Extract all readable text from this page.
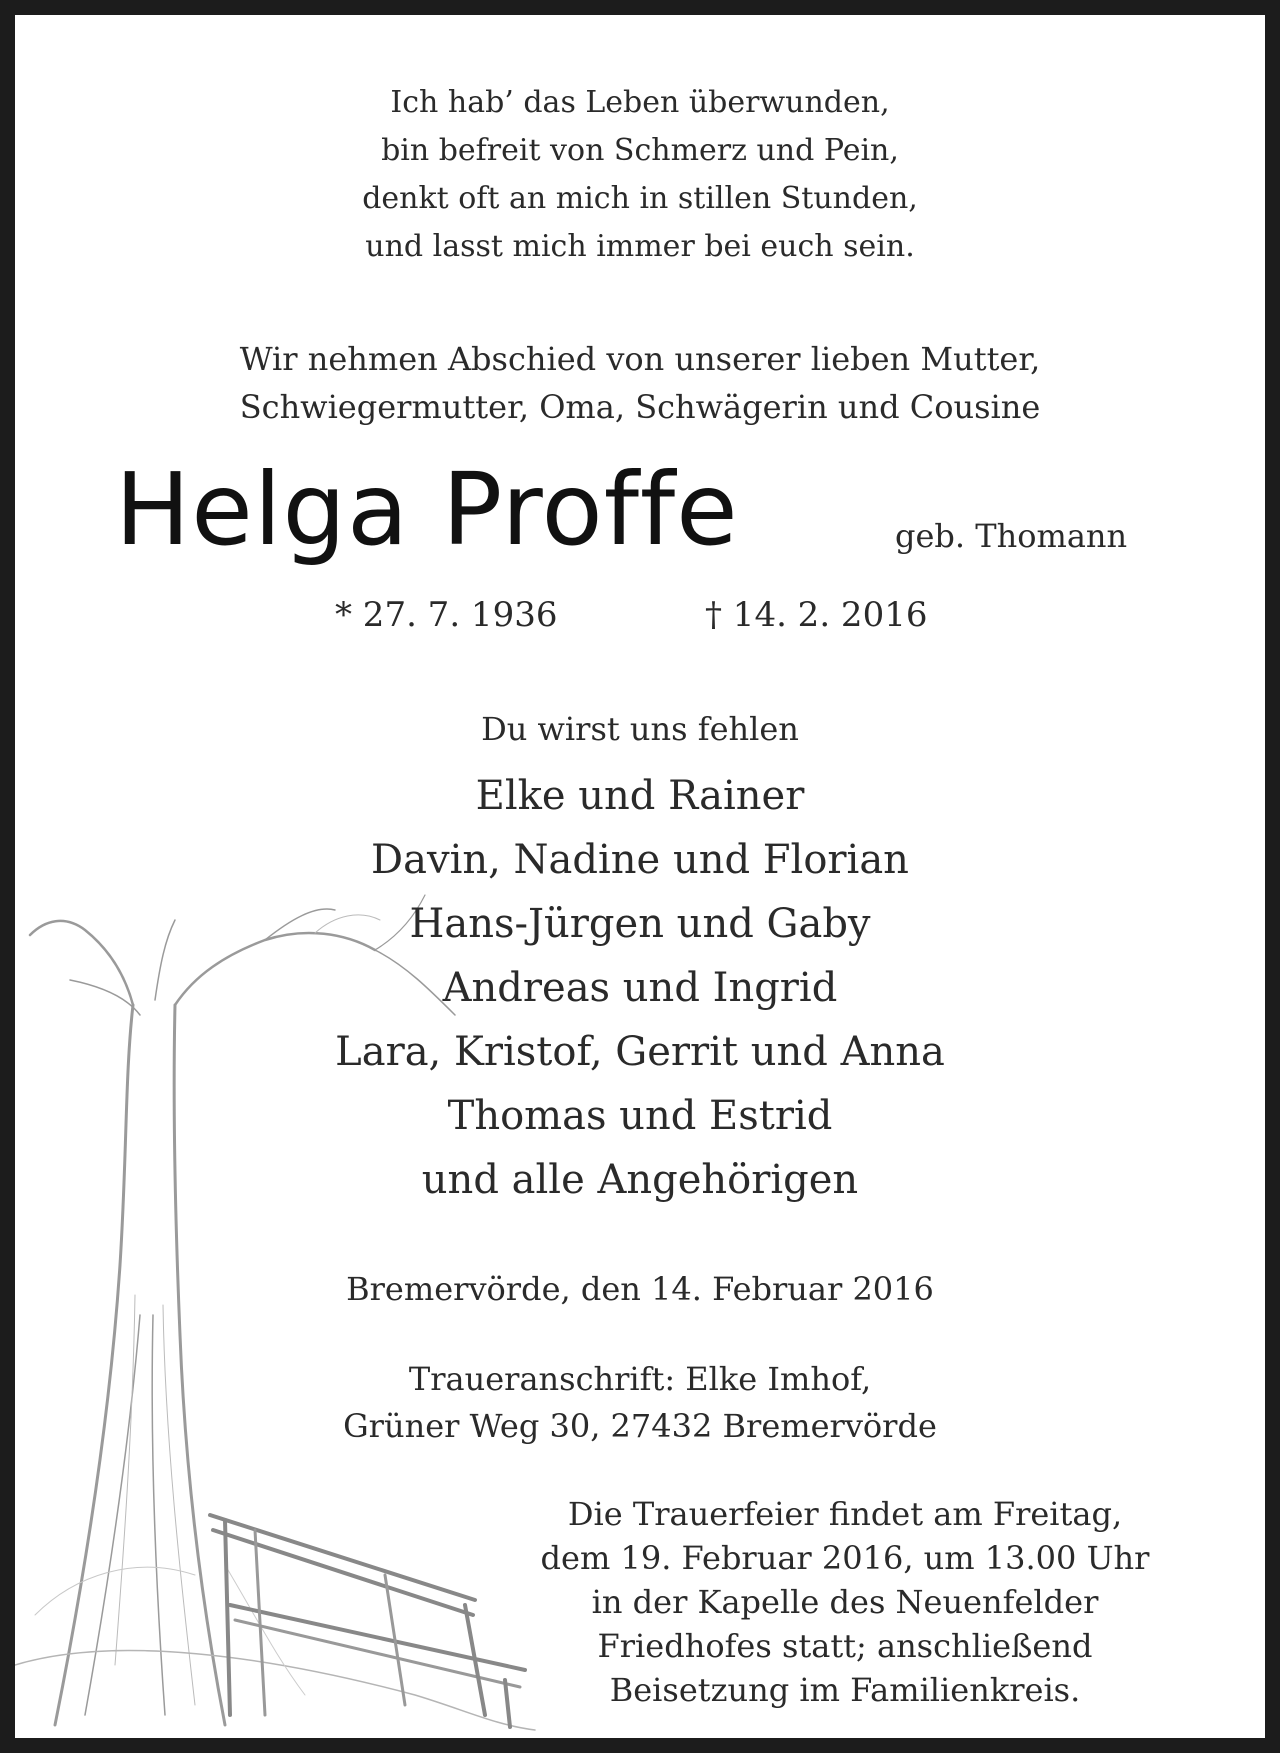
Ich hab’ das Leben überwunden,
bin befreit von Schmerz und Pein,
denkt oft an mich in stillen Stunden,
und lasst mich immer bei euch sein.
Wir nehmen Abschied von unserer lieben Mutter,
Schwiegermutter, Oma, Schwägerin und Cousine
Helga Proffe	geb. Thomann
* 27. 7. 1936	† 14. 2. 2016
Du wirst uns fehlen
Elke und Rainer
Davin, Nadine und Florian
Hans-Jürgen und Gaby
Andreas und Ingrid
Lara, Kristof, Gerrit und Anna
Thomas und Estrid
und alle Angehörigen
Bremervörde, den 14. Februar 2016
Traueranschrift: Elke Imhof,
Grüner Weg 30, 27432 Bremervörde
Die Trauerfeier findet am Freitag,
dem 19. Februar 2016, um 13.00 Uhr
in der Kapelle des Neuenfelder
Friedhofes statt; anschließend
Beisetzung im Familienkreis.
